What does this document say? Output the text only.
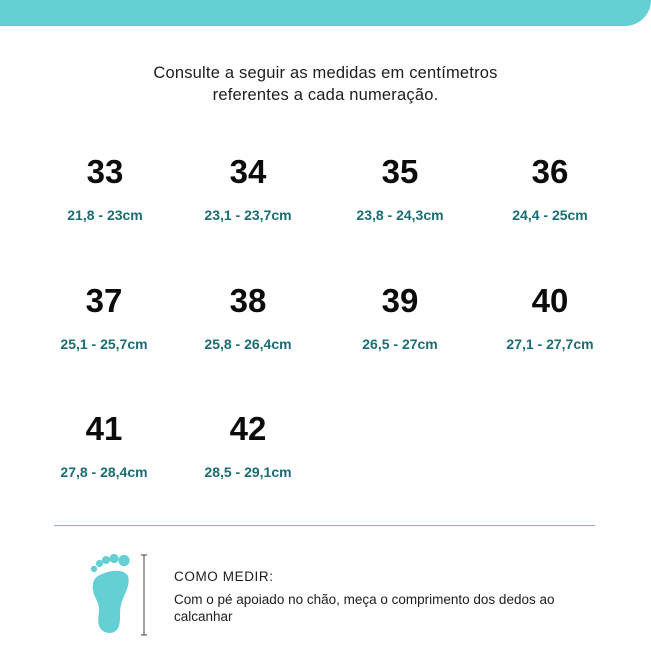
Consulte a seguir as medidas em centímetros
referentes a cada numeração.
33
21,8 - 23cm
34
23,1 - 23,7cm
35
23,8 - 24,3cm
36
24,4 - 25cm
37
25,1 - 25,7cm
38
25,8 - 26,4cm
39
26,5 - 27cm
40
27,1 - 27,7cm
41
27,8 - 28,4cm
42
28,5 - 29,1cm
COMO MEDIR:
Com o pé apoiado no chão, meça o comprimento dos dedos ao calcanhar
